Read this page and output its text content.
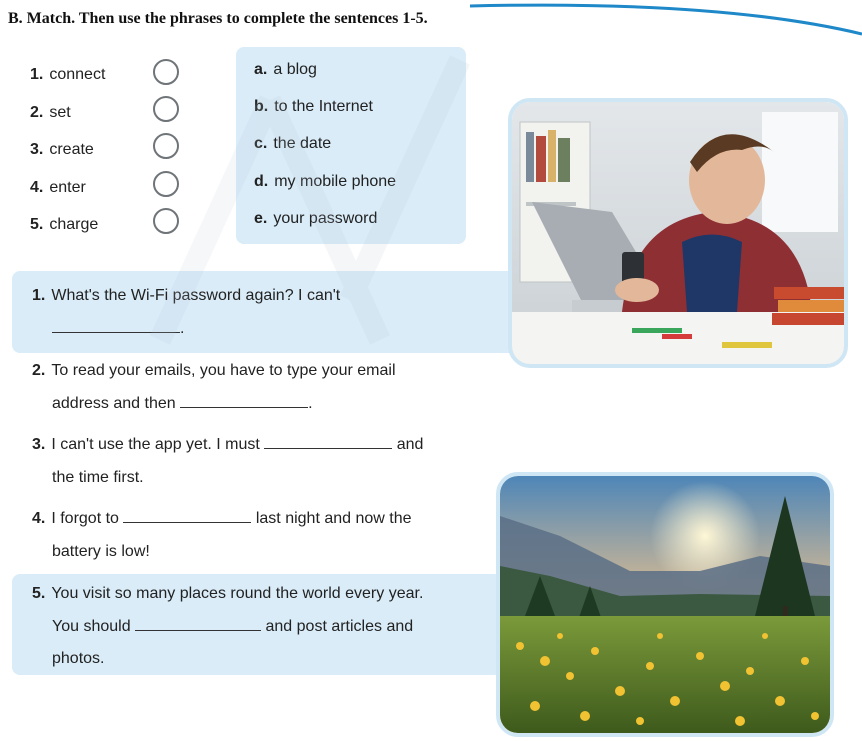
B. Match. Then use the phrases to complete the sentences 1-5.
1. connect
2. set
3. create
4. enter
5. charge
a. a blog
b. to the Internet
c. the date
d. my mobile phone
e. your password
1. What's the Wi-Fi password again? I can't
.
2. To read your emails, you have to type your email
address and then	.
3. I can't use the app yet. I must	and
the time first.
4. I forgot to	last night and now the
battery is low!
5. You visit so many places round the world every year.
You should	and post articles and
photos.
